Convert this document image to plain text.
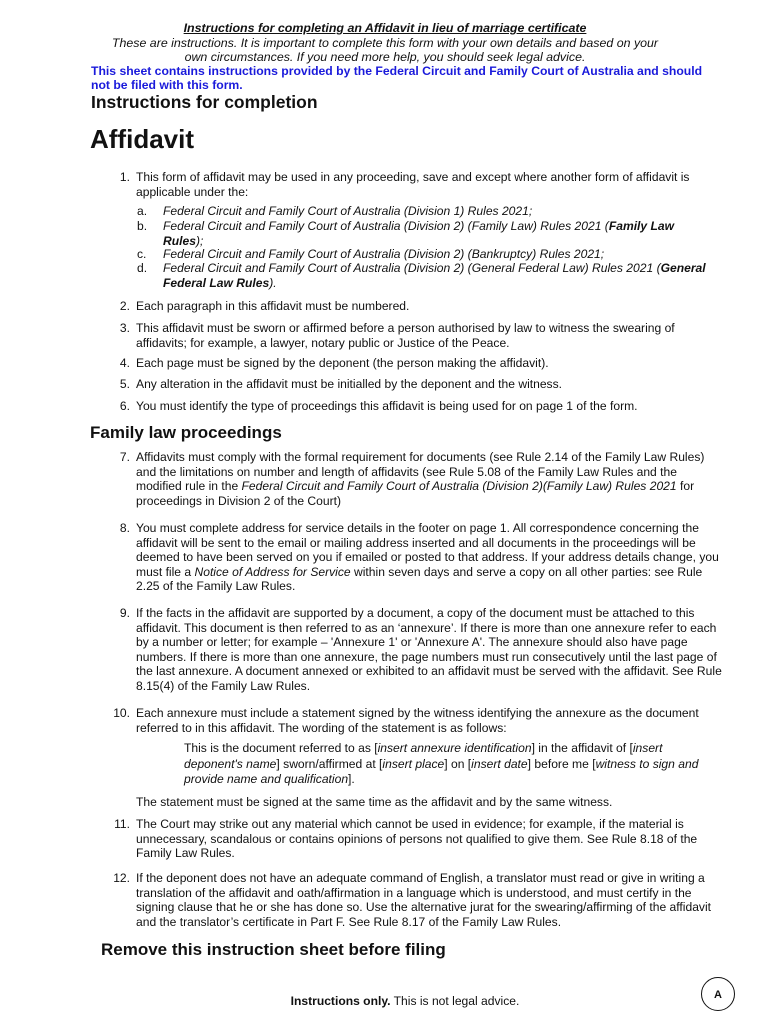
Instructions for completing an Affidavit in lieu of marriage certificate
These are instructions. It is important to complete this form with your own details and based on your own circumstances. If you need more help, you should seek legal advice.
This sheet contains instructions provided by the Federal Circuit and Family Court of Australia and should not be filed with this form.
Instructions for completion
Affidavit
1. This form of affidavit may be used in any proceeding, save and except where another form of affidavit is applicable under the:
a. Federal Circuit and Family Court of Australia (Division 1) Rules 2021;
b. Federal Circuit and Family Court of Australia (Division 2) (Family Law) Rules 2021 (Family Law Rules);
c. Federal Circuit and Family Court of Australia (Division 2) (Bankruptcy) Rules 2021;
d. Federal Circuit and Family Court of Australia (Division 2) (General Federal Law) Rules 2021 (General Federal Law Rules).
2. Each paragraph in this affidavit must be numbered.
3. This affidavit must be sworn or affirmed before a person authorised by law to witness the swearing of affidavits; for example, a lawyer, notary public or Justice of the Peace.
4. Each page must be signed by the deponent (the person making the affidavit).
5. Any alteration in the affidavit must be initialled by the deponent and the witness.
6. You must identify the type of proceedings this affidavit is being used for on page 1 of the form.
Family law proceedings
7. Affidavits must comply with the formal requirement for documents (see Rule 2.14 of the Family Law Rules) and the limitations on number and length of affidavits (see Rule 5.08 of the Family Law Rules and the modified rule in the Federal Circuit and Family Court of Australia (Division 2)(Family Law) Rules 2021 for proceedings in Division 2 of the Court)
8. You must complete address for service details in the footer on page 1. All correspondence concerning the affidavit will be sent to the email or mailing address inserted and all documents in the proceedings will be deemed to have been served on you if emailed or posted to that address. If your address details change, you must file a Notice of Address for Service within seven days and serve a copy on all other parties: see Rule 2.25 of the Family Law Rules.
9. If the facts in the affidavit are supported by a document, a copy of the document must be attached to this affidavit. This document is then referred to as an ‘annexure’. If there is more than one annexure refer to each by a number or letter; for example – 'Annexure 1' or 'Annexure A'. The annexure should also have page numbers. If there is more than one annexure, the page numbers must run consecutively until the last page of the last annexure. A document annexed or exhibited to an affidavit must be served with the affidavit. See Rule 8.15(4) of the Family Law Rules.
10. Each annexure must include a statement signed by the witness identifying the annexure as the document referred to in this affidavit. The wording of the statement is as follows:
This is the document referred to as [insert annexure identification] in the affidavit of [insert deponent's name] sworn/affirmed at [insert place] on [insert date] before me [witness to sign and provide name and qualification].
The statement must be signed at the same time as the affidavit and by the same witness.
11. The Court may strike out any material which cannot be used in evidence; for example, if the material is unnecessary, scandalous or contains opinions of persons not qualified to give them. See Rule 8.18 of the Family Law Rules.
12. If the deponent does not have an adequate command of English, a translator must read or give in writing a translation of the affidavit and oath/affirmation in a language which is understood, and must certify in the signing clause that he or she has done so. Use the alternative jurat for the swearing/affirming of the affidavit and the translator’s certificate in Part F. See Rule 8.17 of the Family Law Rules.
Remove this instruction sheet before filing
Instructions only. This is not legal advice.	A
